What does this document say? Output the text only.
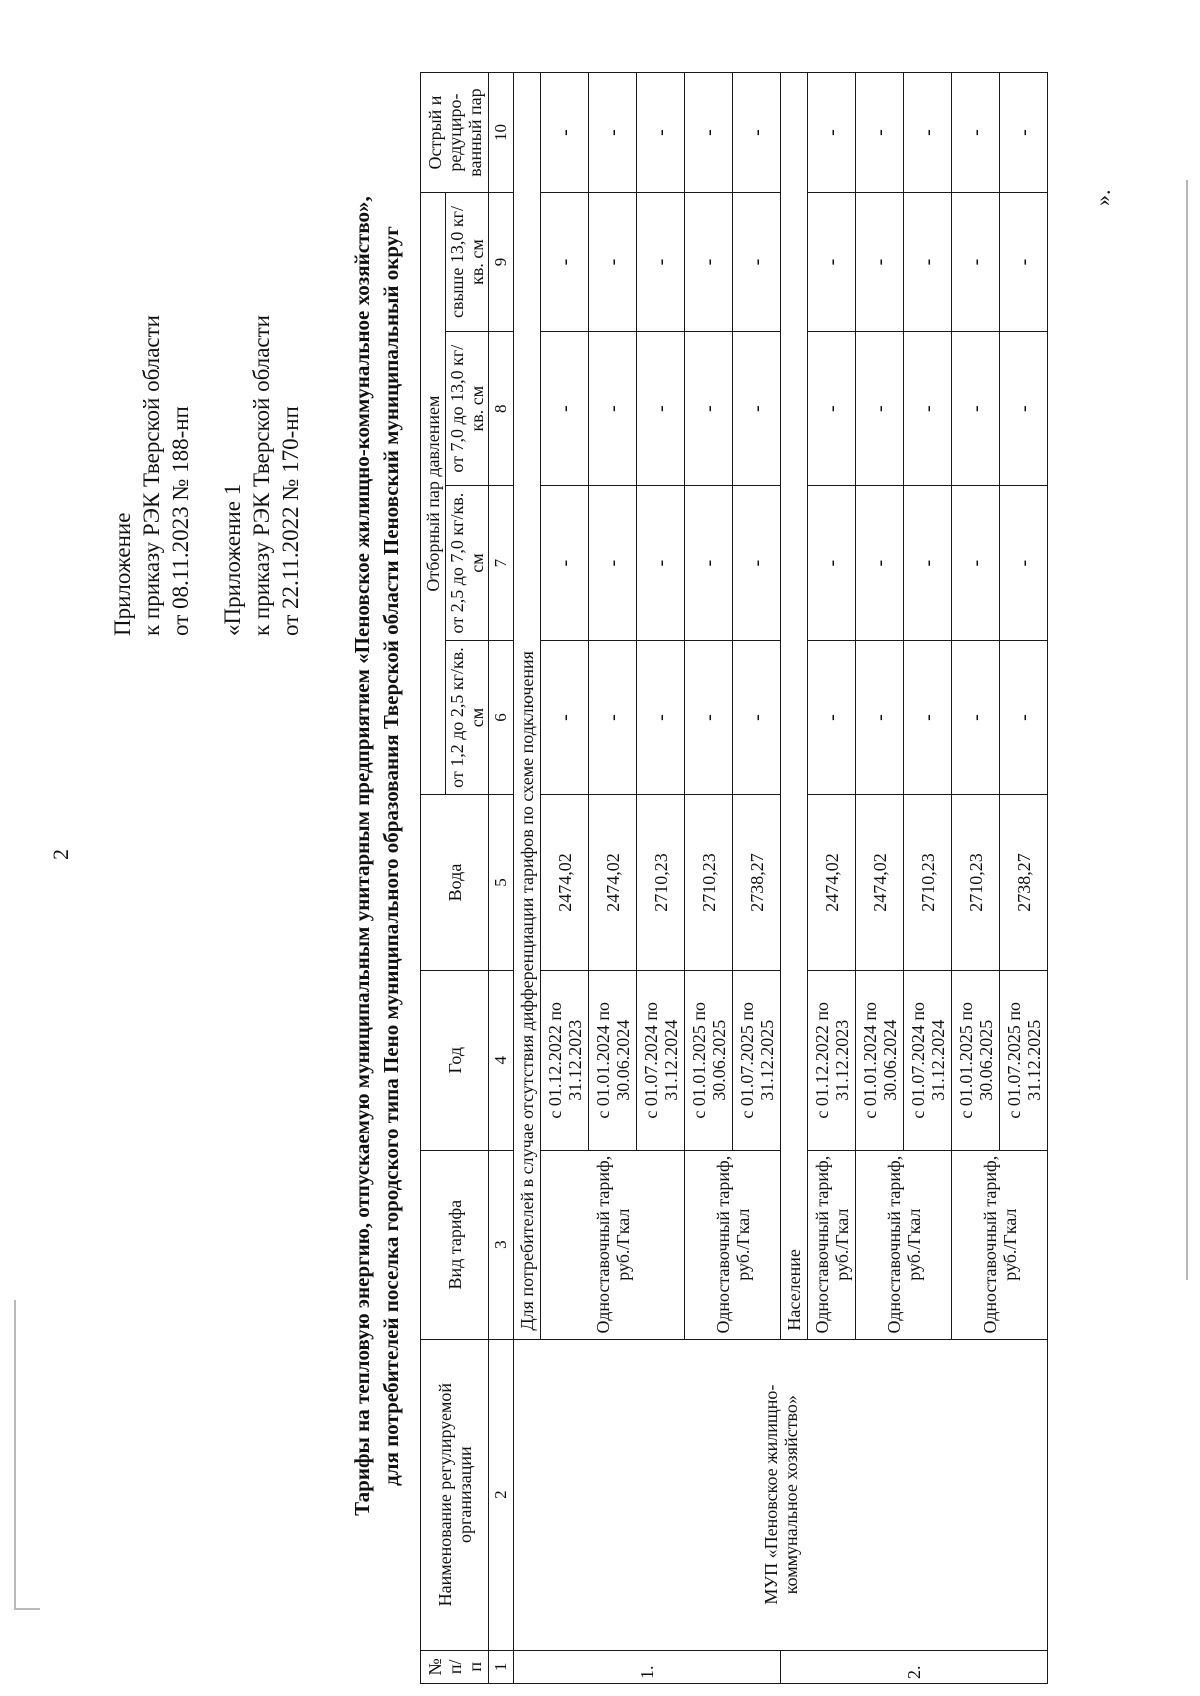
2
Приложение к приказу РЭК Тверской области от 08.11.2023 № 188-нп «Приложение 1 к приказу РЭК Тверской области от 22.11.2022 № 170-нп Тарифы на тепловую энергию, отпускаемую муниципальным унитарным предприятием «Пеновское жилищно-коммунальное хозяйство», для потребителей поселка городского типа Пено муниципального образования Тверской области Пеновский муниципальный округ
№ п/ п	Наименование регулируемой организации	Вид тарифа	Год	Вода	Отборный пар давлением				Острый и редуциро- ванный пар
					от 1,2 до 2,5 кг/кв. см	от 2,5 до 7,0 кг/кв. см	от 7,0 до 13,0 кг/кв. см	свыше 13,0 кг/кв. см	
1	2	3	4	5	6	7	8	9	10
1.	МУП «Пеновское жилищно-коммунальное хозяйство»	Для потребителей в случае отсутствия дифференциации тарифов по схеме подключения							
		Одноставочный тариф, руб./Гкал	с 01.12.2022 по 31.12.2023	2474,02	-	-	-	-	-
			с 01.01.2024 по 30.06.2024	2474,02	-	-	-	-	-
			с 01.07.2024 по 31.12.2024	2710,23	-	-	-	-	-
		Одноставочный тариф, руб./Гкал	с 01.01.2025 по 30.06.2025	2710,23	-	-	-	-	-
			с 01.07.2025 по 31.12.2025	2738,27	-	-	-	-	-
2.		Население							
		Одноставочный тариф, руб./Гкал	с 01.12.2022 по 31.12.2023	2474,02	-	-	-	-	-
		Одноставочный тариф, руб./Гкал	с 01.01.2024 по 30.06.2024	2474,02	-	-	-	-	-
			с 01.07.2024 по 31.12.2024	2710,23	-	-	-	-	-
		Одноставочный тариф, руб./Гкал	с 01.01.2025 по 30.06.2025	2710,23	-	-	-	-	-
			с 01.07.2025 по 31.12.2025	2738,27	-	-	-	-	-
».
